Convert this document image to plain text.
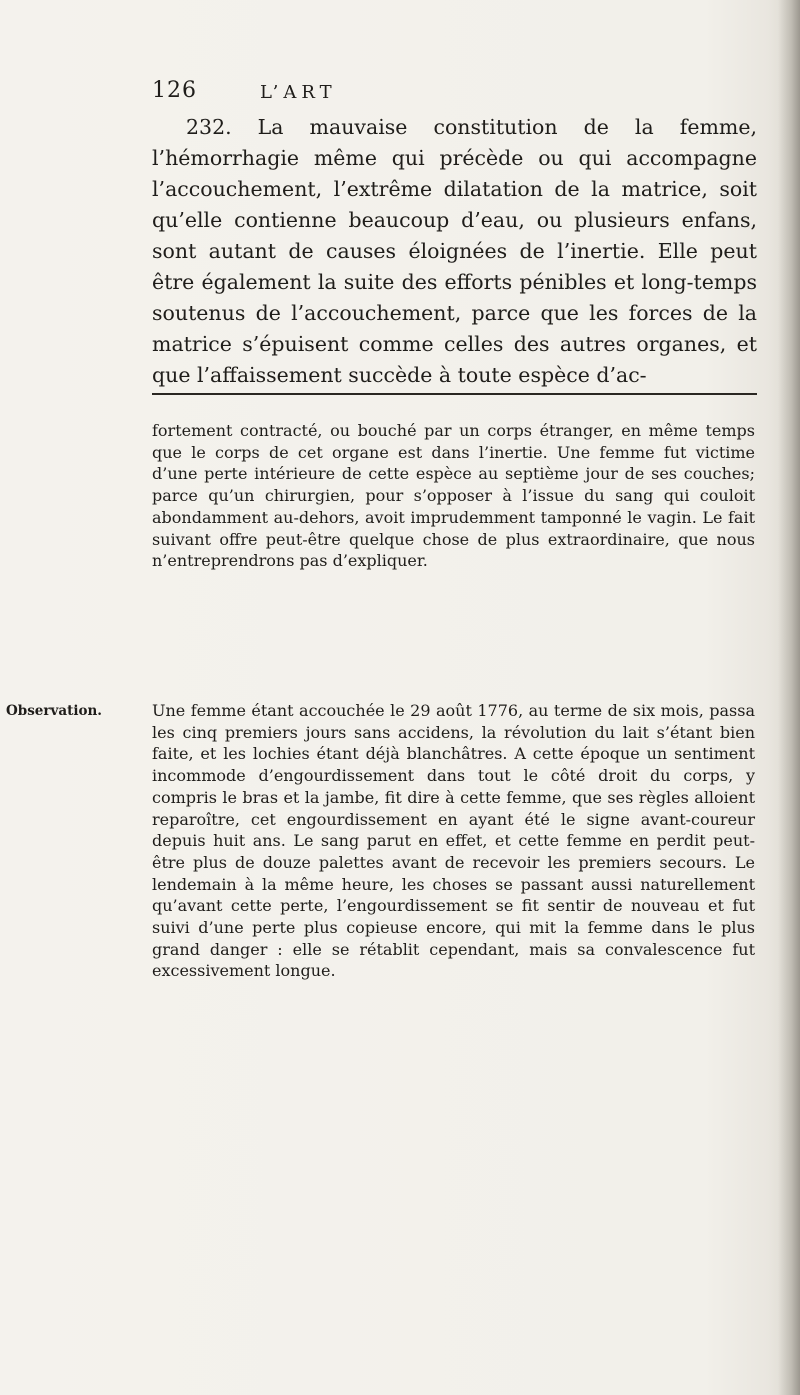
126	L’ART

232. La mauvaise constitution de la femme, l’hémorrhagie même qui précède ou qui accompagne l’accouchement, l’extrême dilatation de la matrice, soit qu’elle contienne beaucoup d’eau, ou plusieurs enfans, sont autant de causes éloignées de l’inertie. Elle peut être également la suite des efforts pénibles et long-temps soutenus de l’accouchement, parce que les forces de la matrice s’épuisent comme celles des autres organes, et que l’affaissement succède à toute espèce d’ac-

fortement contracté, ou bouché par un corps étranger, en même temps que le corps de cet organe est dans l’inertie. Une femme fut victime d’une perte intérieure de cette espèce au septième jour de ses couches; parce qu’un chirurgien, pour s’opposer à l’issue du sang qui couloit abondamment au-dehors, avoit imprudemment tamponné le vagin. Le fait suivant offre peut-être quelque chose de plus extraordinaire, que nous n’entreprendrons pas d’expliquer.

Observation.	Une femme étant accouchée le 29 août 1776, au terme de six mois, passa les cinq premiers jours sans accidens, la révolution du lait s’étant bien faite, et les lochies étant déjà blanchâtres. A cette époque un sentiment incommode d’engourdissement dans tout le côté droit du corps, y compris le bras et la jambe, fit dire à cette femme, que ses règles alloient reparoître, cet engourdissement en ayant été le signe avant-coureur depuis huit ans. Le sang parut en effet, et cette femme en perdit peut-être plus de douze palettes avant de recevoir les premiers secours. Le lendemain à la même heure, les choses se passant aussi naturellement qu’avant cette perte, l’engourdissement se fit sentir de nouveau et fut suivi d’une perte plus copieuse encore, qui mit la femme dans le plus grand danger : elle se rétablit cependant, mais sa convalescence fut excessivement longue.
